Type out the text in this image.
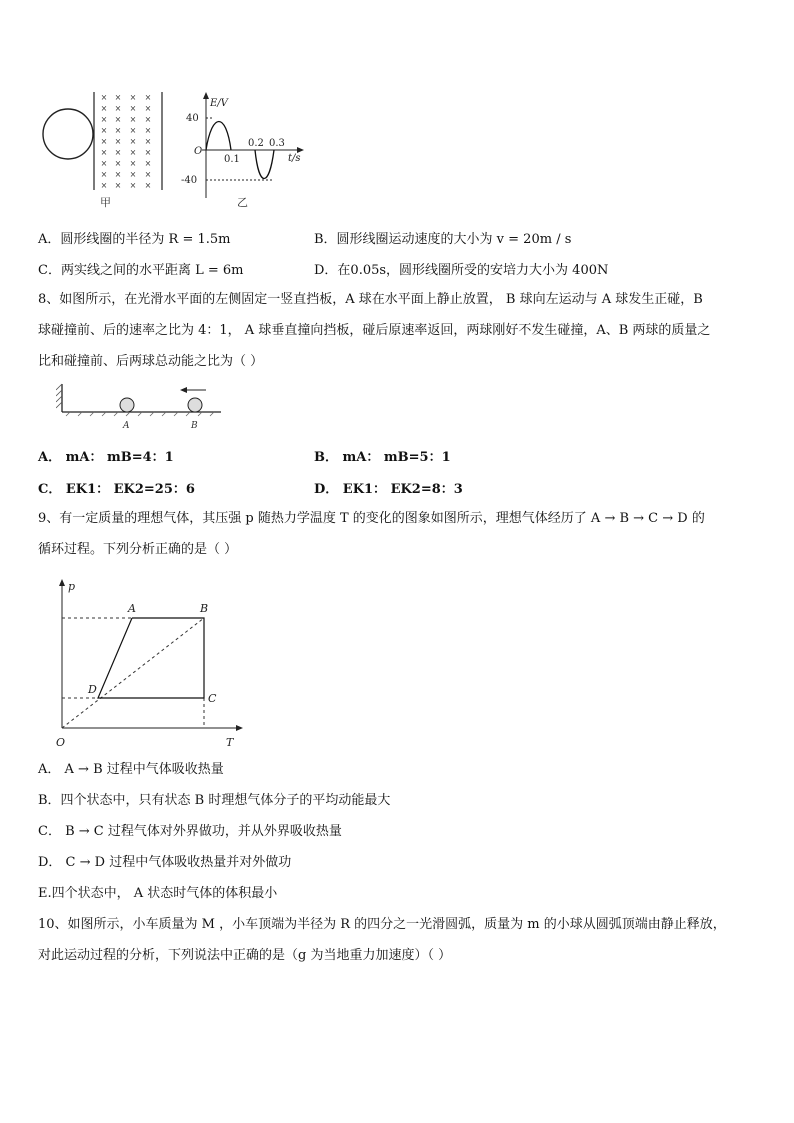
× × × ×
× × × ×
× × × ×
× × × ×
× × × ×
× × × ×
× × × ×
× × × ×
× × × ×
甲
E/V
t/s
O
40
-40
0.1
0.2 0.3
乙
A．圆形线圈的半径为 R = 1.5m	B．圆形线圈运动速度的大小为 v = 20m / s
C．两实线之间的水平距离 L = 6m	D．在0.05s，圆形线圈所受的安培力大小为 400N
8、如图所示，在光滑水平面的左侧固定一竖直挡板，A 球在水平面上静止放置， B 球向左运动与 A 球发生正碰，B
球碰撞前、后的速率之比为 4：1， A 球垂直撞向挡板，碰后原速率返回，两球刚好不发生碰撞，A、B 两球的质量之
比和碰撞前、后两球总动能之比为（ ）
A	B
A． mA： mB=4：1	B． mA： mB=5：1
C． EK1： EK2=25：6	D． EK1： EK2=8：3
9、有一定质量的理想气体，其压强 p 随热力学温度 T 的变化的图象如图所示，理想气体经历了 A → B → C → D 的
循环过程。下列分析正确的是（ ）
p
T
O
A	B
C
D
A． A → B 过程中气体吸收热量
B．四个状态中，只有状态 B 时理想气体分子的平均动能最大
C． B → C 过程气体对外界做功，并从外界吸收热量
D． C → D 过程中气体吸收热量并对外做功
E.四个状态中， A 状态时气体的体积最小
10、如图所示，小车质量为 M ，小车顶端为半径为 R 的四分之一光滑圆弧，质量为 m 的小球从圆弧顶端由静止释放，
对此运动过程的分析，下列说法中正确的是（g 为当地重力加速度）（ ）
